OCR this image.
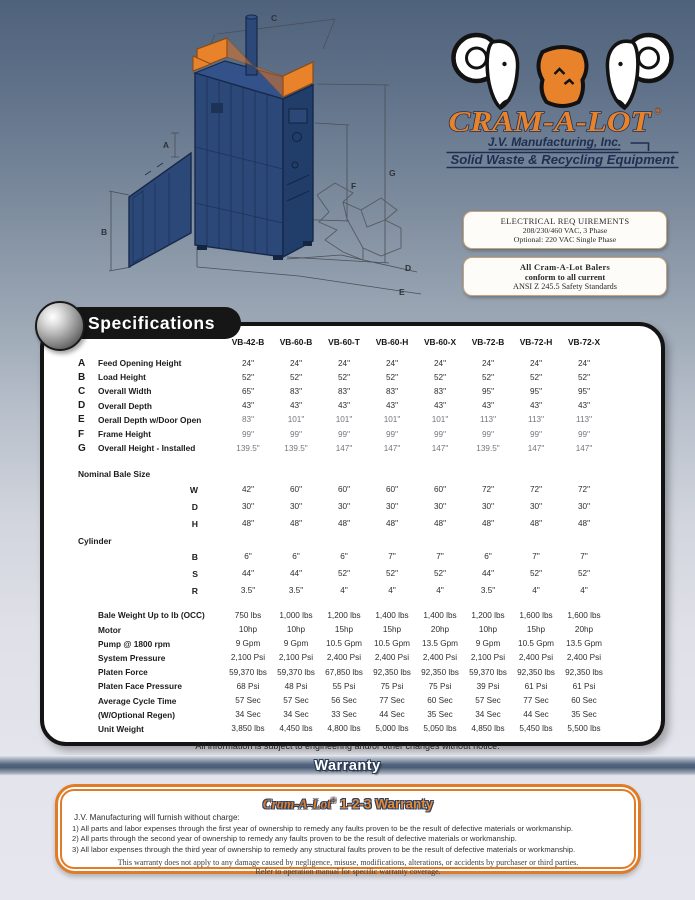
A
B
C
D
E
F
G
CRAM-A-LOT ®
J.V. Manufacturing, Inc.
Solid Waste & Recycling Equipment
ELECTRICAL REQ UIREMENTS
208/230/460 VAC, 3 Phase
Optional: 220 VAC Single Phase
All Cram-A-Lot Balers
conform to all current
ANSI Z 245.5 Safety Standards
Specifications
VB-42-B	VB-60-B	VB-60-T	VB-60-H	VB-60-X	VB-72-B	VB-72-H	VB-72-X
A	Feed Opening Height	24"	24"	24"	24"	24"	24"	24"	24"
B	Load Height	52"	52"	52"	52"	52"	52"	52"	52"
C	Overall Width	65"	83"	83"	83"	83"	95"	95"	95"
D	Overall Depth	43"	43"	43"	43"	43"	43"	43"	43"
E	Oerall Depth w/Door Open	83"	101"	101"	101"	101"	113"	113"	113"
F	Frame Height	99"	99"	99"	99"	99"	99"	99"	99"
G	Overall Height - Installed	139.5"	139.5"	147"	147"	147"	139.5"	147"	147"
Nominal Bale Size
W	42"	60"	60"	60"	60"	72"	72"	72"
D	30"	30"	30"	30"	30"	30"	30"	30"
H	48"	48"	48"	48"	48"	48"	48"	48"
Cylinder
B	6"	6"	6"	7"	7"	6"	7"	7"
S	44"	44"	52"	52"	52"	44"	52"	52"
R	3.5"	3.5"	4"	4"	4"	3.5"	4"	4"
Bale Weight Up to lb (OCC)	750 lbs	1,000 lbs	1,200 lbs	1,400 lbs	1,400 lbs	1,200 lbs	1,600 lbs	1,600 lbs
Motor	10hp	10hp	15hp	15hp	20hp	10hp	15hp	20hp
Pump @ 1800 rpm	9 Gpm	9 Gpm	10.5 Gpm	10.5 Gpm	13.5 Gpm	9 Gpm	10.5 Gpm	13.5 Gpm
System Pressure	2,100 Psi	2,100 Psi	2,400 Psi	2,400 Psi	2,400 Psi	2,100 Psi	2,400 Psi	2,400 Psi
Platen Force	59,370 lbs	59,370 lbs	67,850 lbs	92,350 lbs	92,350 lbs	59,370 lbs	92,350 lbs	92,350 lbs
Platen Face Pressure	68 Psi	48 Psi	55 Psi	75 Psi	75 Psi	39 Psi	61 Psi	61 Psi
Average Cycle Time	57 Sec	57 Sec	56 Sec	77 Sec	60 Sec	57 Sec	77 Sec	60 Sec
(W/Optional Regen)	34 Sec	34 Sec	33 Sec	44 Sec	35 Sec	34 Sec	44 Sec	35 Sec
Unit Weight	3,850 lbs	4,450 lbs	4,800 lbs	5,000 lbs	5,050 lbs	4,850 lbs	5,450 lbs	5,500 lbs
All information is subject to engineering and/or other changes without notice.
Warranty
Cram-A-Lot® 1-2-3 Warranty
J.V. Manufacturing will furnish without charge:
1) All parts and labor expenses through the first year of ownership to remedy any faults proven to be the result of defective materials or workmanship.
2) All parts through the second year of ownership to remedy any faults proven to be the result of defective materials or workmanship.
3) All labor expenses through the third year of ownership to remedy any structural faults proven to be the result of defective materials or workmanship.
This warranty does not apply to any damage caused by negligence, misuse, modifications, alterations, or accidents by purchaser or third parties.
Refer to operation manual for specific warranty coverage.
